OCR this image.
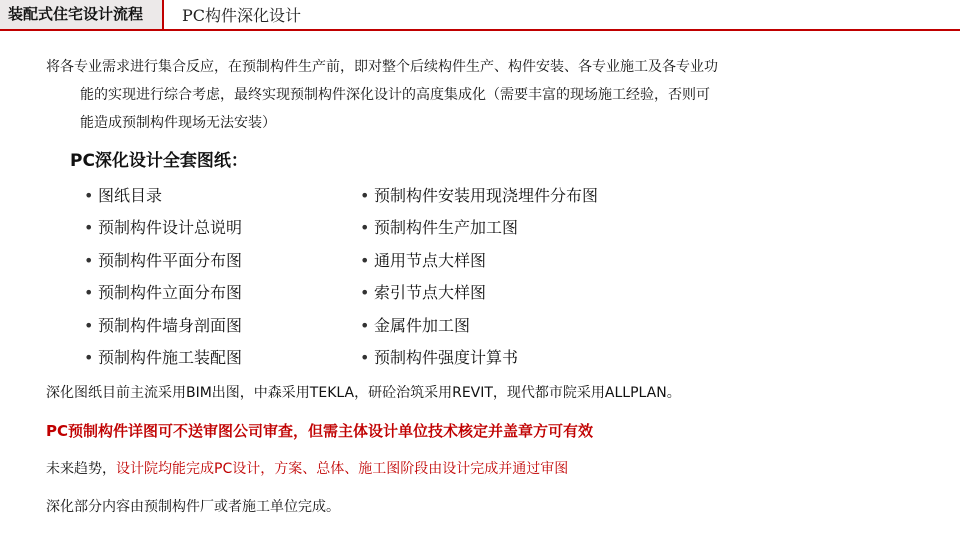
装配式住宅设计流程	PC构件深化设计
将各专业需求进行集合反应，在预制构件生产前，即对整个后续构件生产、构件安装、各专业施工及各专业功
能的实现进行综合考虑，最终实现预制构件深化设计的高度集成化（需要丰富的现场施工经验，否则可
能造成预制构件现场无法安装）
PC深化设计全套图纸：
• 图纸目录
• 预制构件设计总说明
• 预制构件平面分布图
• 预制构件立面分布图
• 预制构件墙身剖面图
• 预制构件施工装配图
• 预制构件安装用现浇埋件分布图
• 预制构件生产加工图
• 通用节点大样图
• 索引节点大样图
• 金属件加工图
• 预制构件强度计算书
深化图纸目前主流采用BIM出图，中森采用TEKLA，研砼治筑采用REVIT，现代都市院采用ALLPLAN。
PC预制构件详图可不送审图公司审查，但需主体设计单位技术核定并盖章方可有效
未来趋势，设计院均能完成PC设计，方案、总体、施工图阶段由设计完成并通过审图
深化部分内容由预制构件厂或者施工单位完成。
